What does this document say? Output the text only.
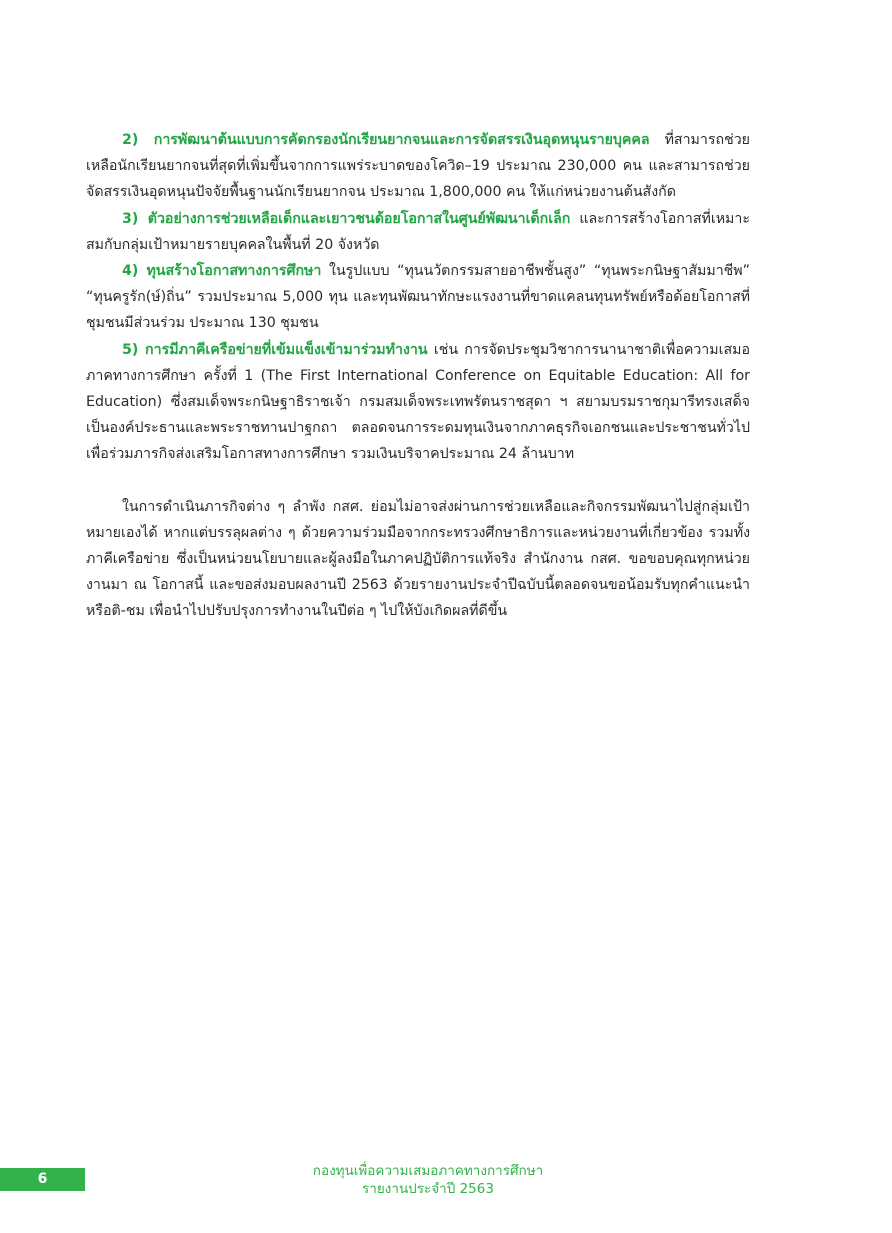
2) การพัฒนาต้นแบบการคัดกรองนักเรียนยากจนและการจัดสรรเงินอุดหนุนรายบุคคล ที่สามารถช่วยเหลือนักเรียนยากจนที่สุดที่เพิ่มขึ้นจากการแพร่ระบาดของโควิด–19 ประมาณ 230,000 คน และสามารถช่วยจัดสรรเงินอุดหนุนปัจจัยพื้นฐานนักเรียนยากจน ประมาณ 1,800,000 คน ให้แก่หน่วยงานต้นสังกัด

3) ตัวอย่างการช่วยเหลือเด็กและเยาวชนด้อยโอกาสในศูนย์พัฒนาเด็กเล็ก และการสร้างโอกาสที่เหมาะสมกับกลุ่มเป้าหมายรายบุคคลในพื้นที่ 20 จังหวัด

4) ทุนสร้างโอกาสทางการศึกษา ในรูปแบบ “ทุนนวัตกรรมสายอาชีพชั้นสูง” “ทุนพระกนิษฐาสัมมาชีพ” “ทุนครูรัก(ษ์)ถิ่น” รวมประมาณ 5,000 ทุน และทุนพัฒนาทักษะแรงงานที่ขาดแคลนทุนทรัพย์หรือด้อยโอกาสที่ชุมชนมีส่วนร่วม ประมาณ 130 ชุมชน

5) การมีภาคีเครือข่ายที่เข้มแข็งเข้ามาร่วมทำงาน เช่น การจัดประชุมวิชาการนานาชาติเพื่อความเสมอภาคทางการศึกษา ครั้งที่ 1 (The First International Conference on Equitable Education: All for Education) ซึ่งสมเด็จพระกนิษฐาธิราชเจ้า กรมสมเด็จพระเทพรัตนราชสุดา ฯ สยามบรมราชกุมารีทรงเสด็จเป็นองค์ประธานและพระราชทานปาฐกถา ตลอดจนการระดมทุนเงินจากภาคธุรกิจเอกชนและประชาชนทั่วไป เพื่อร่วมภารกิจส่งเสริมโอกาสทางการศึกษา รวมเงินบริจาคประมาณ 24 ล้านบาท

ในการดำเนินภารกิจต่าง ๆ ลำพัง กสศ. ย่อมไม่อาจส่งผ่านการช่วยเหลือและกิจกรรมพัฒนาไปสู่กลุ่มเป้าหมายเองได้ หากแต่บรรลุผลต่าง ๆ ด้วยความร่วมมือจากกระทรวงศึกษาธิการและหน่วยงานที่เกี่ยวข้อง รวมทั้งภาคีเครือข่าย ซึ่งเป็นหน่วยนโยบายและผู้ลงมือในภาคปฏิบัติการแท้จริง สำนักงาน กสศ. ขอขอบคุณทุกหน่วยงานมา ณ โอกาสนี้ และขอส่งมอบผลงานปี 2563 ด้วยรายงานประจำปีฉบับนี้ตลอดจนขอน้อมรับทุกคำแนะนำ หรือติ-ชม เพื่อนำไปปรับปรุงการทำงานในปีต่อ ๆ ไปให้บังเกิดผลที่ดีขึ้น

6	กองทุนเพื่อความเสมอภาคทางการศึกษา
รายงานประจำปี 2563
